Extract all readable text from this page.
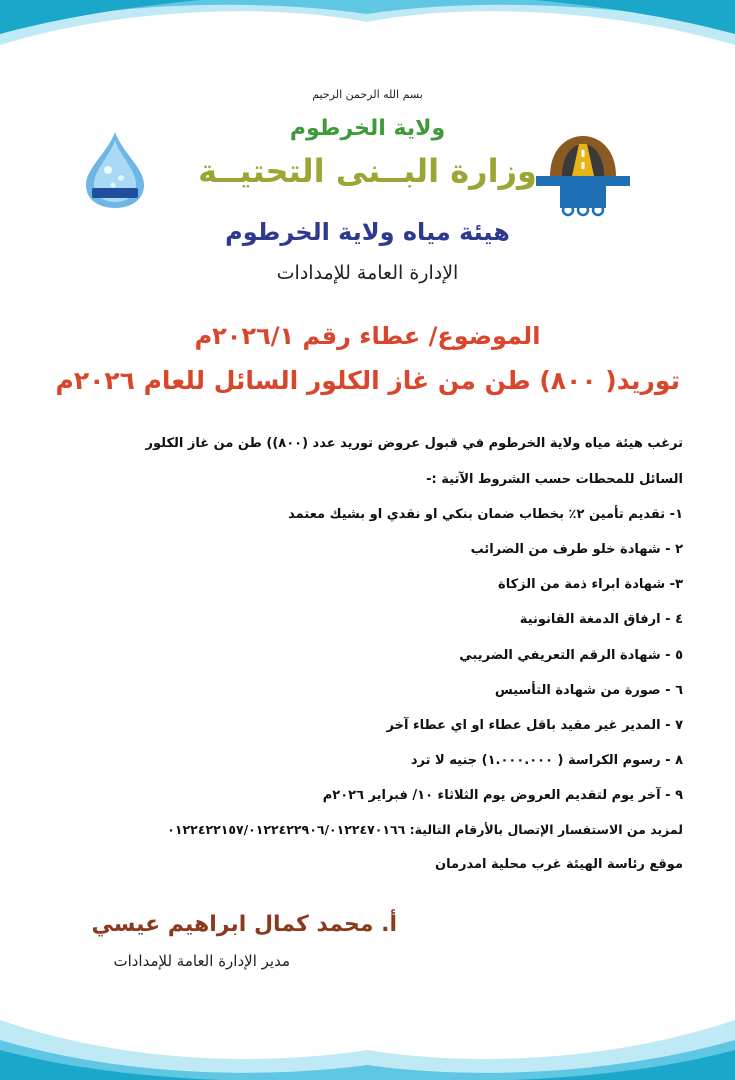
بسم الله الرحمن الرحيم
ولاية الخرطوم
وزارة البــنى التحتيــة
هيئة مياه ولاية الخرطوم
الإدارة العامة للإمدادات
الموضوع/ عطاء رقم ٢٠٢٦/١م
توريد( ٨٠٠) طن من غاز الكلور السائل للعام ٢٠٢٦م
ترغب هيئة مياه ولاية الخرطوم في قبول عروض توريد عدد (٨٠٠)) طن من غاز الكلور
السائل للمحطات حسب الشروط الآتية :-
١- تقديم تأمين ٢٪ بخطاب ضمان بنكي او نقدي او بشيك معتمد
٢ - شهادة خلو طرف من الضرائب
٣- شهادة ابراء ذمة من الزكاة
٤ - ارفاق الدمغة القانونية
٥ - شهادة الرقم التعريفي الضريبي
٦ - صورة من شهادة التأسيس
٧ - المدير غير مقيد باقل عطاء او اي عطاء آخر
٨ - رسوم الكراسة ( ١.٠٠٠.٠٠٠) جنيه لا ترد
٩ - آخر يوم لتقديم العروض يوم الثلاثاء ١٠/ فبراير ٢٠٢٦م
لمزيد من الاستفسار الإتصال بالأرقام التالية: ٠١٢٢٤٢٢١٥٧/٠١٢٢٤٢٢٩٠٦/٠١٢٢٤٧٠١٦٦
موقع رئاسة الهيئة غرب محلية امدرمان
أ. محمد كمال ابراهيم عيسي
مدير الإدارة العامة للإمدادات
